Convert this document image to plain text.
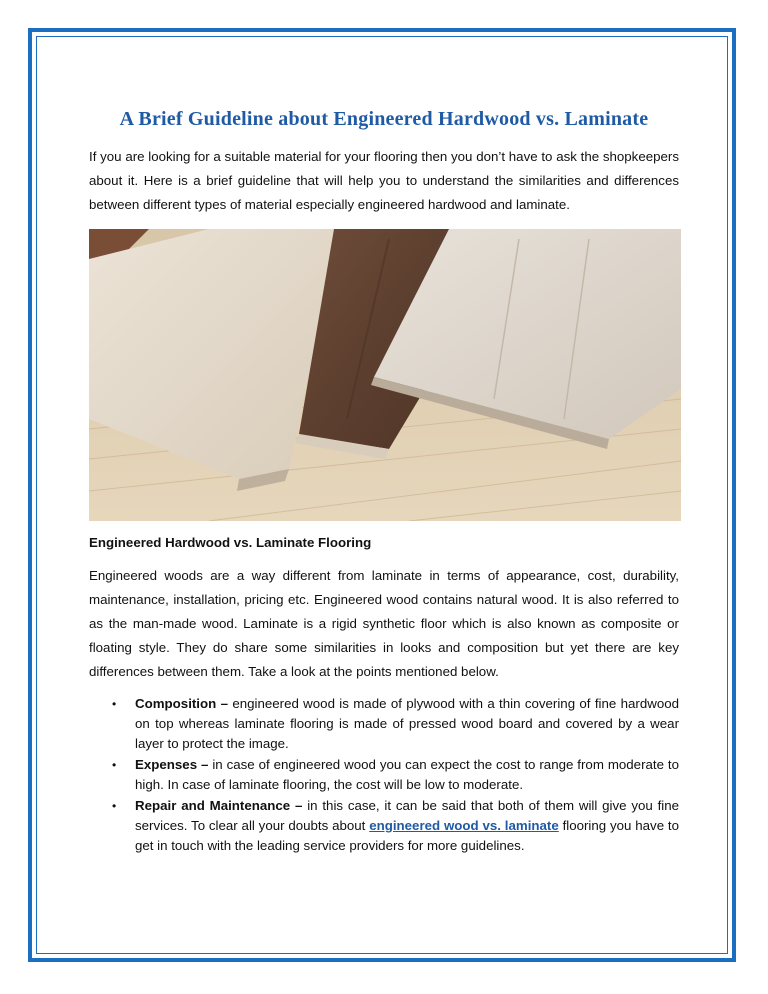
A Brief Guideline about Engineered Hardwood vs. Laminate

If you are looking for a suitable material for your flooring then you don’t have to ask the shopkeepers about it. Here is a brief guideline that will help you to understand the similarities and differences between different types of material especially engineered hardwood and laminate.

Engineered Hardwood vs. Laminate Flooring

Engineered woods are a way different from laminate in terms of appearance, cost, durability, maintenance, installation, pricing etc. Engineered wood contains natural wood. It is also referred to as the man-made wood. Laminate is a rigid synthetic floor which is also known as composite or floating style. They do share some similarities in looks and composition but yet there are key differences between them. Take a look at the points mentioned below.

• Composition – engineered wood is made of plywood with a thin covering of fine hardwood on top whereas laminate flooring is made of pressed wood board and covered by a wear layer to protect the image.
• Expenses – in case of engineered wood you can expect the cost to range from moderate to high. In case of laminate flooring, the cost will be low to moderate.
• Repair and Maintenance – in this case, it can be said that both of them will give you fine services. To clear all your doubts about engineered wood vs. laminate flooring you have to get in touch with the leading service providers for more guidelines.
